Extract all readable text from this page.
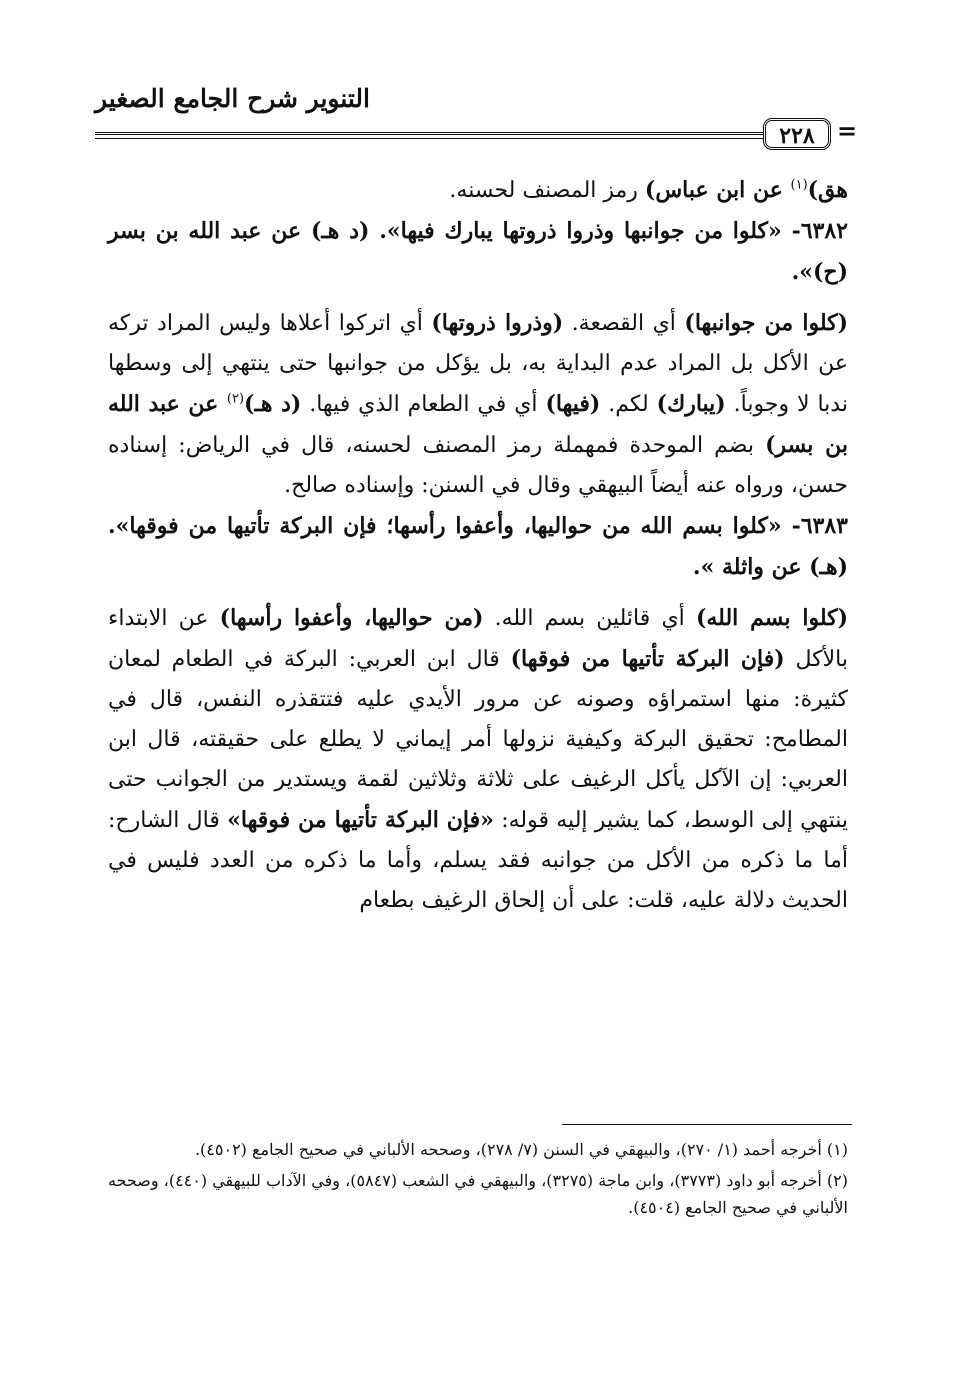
التنوير شرح الجامع الصغير
٢٢٨ =

هق)$^{(١)}$ عن ابن عباس) رمز المصنف لحسنه.

٦٣٨٢- «كلوا من جوانبها وذروا ذروتها يبارك فيها». (د هـ) عن عبد الله بن بسر (ح)».

(كلوا من جوانبها) أي القصعة. (وذروا ذروتها) أي اتركوا أعلاها وليس المراد تركه عن الأكل بل المراد عدم البداية به، بل يؤكل من جوانبها حتى ينتهي إلى وسطها ندبا لا وجوباً. (يبارك) لكم. (فيها) أي في الطعام الذي فيها. (د هـ)$^{(٢)}$ عن عبد الله بن بسر) بضم الموحدة فمهملة رمز المصنف لحسنه، قال في الرياض: إسناده حسن، ورواه عنه أيضاً البيهقي وقال في السنن: وإسناده صالح.

٦٣٨٣- «كلوا بسم الله من حواليها، وأعفوا رأسها؛ فإن البركة تأتيها من فوقها». (هـ) عن واثلة ».

(كلوا بسم الله) أي قائلين بسم الله. (من حواليها، وأعفوا رأسها) عن الابتداء بالأكل (فإن البركة تأتيها من فوقها) قال ابن العربي: البركة في الطعام لمعان كثيرة: منها استمراؤه وصونه عن مرور الأيدي عليه فتتقذره النفس، قال في المطامح: تحقيق البركة وكيفية نزولها أمر إيماني لا يطلع على حقيقته، قال ابن العربي: إن الآكل يأكل الرغيف على ثلاثة وثلاثين لقمة ويستدير من الجوانب حتى ينتهي إلى الوسط، كما يشير إليه قوله: «فإن البركة تأتيها من فوقها» قال الشارح: أما ما ذكره من الأكل من جوانبه فقد يسلم، وأما ما ذكره من العدد فليس في الحديث دلالة عليه، قلت: على أن إلحاق الرغيف بطعام

(١) أخرجه أحمد (١/ ٢٧٠)، والبيهقي في السنن (٧/ ٢٧٨)، وصححه الألباني في صحيح الجامع (٤٥٠٢).

(٢) أخرجه أبو داود (٣٧٧٣)، وابن ماجة (٣٢٧٥)، والبيهقي في الشعب (٥٨٤٧)، وفي الآداب للبيهقي (٤٤٠)، وصححه الألباني في صحيح الجامع (٤٥٠٤).
